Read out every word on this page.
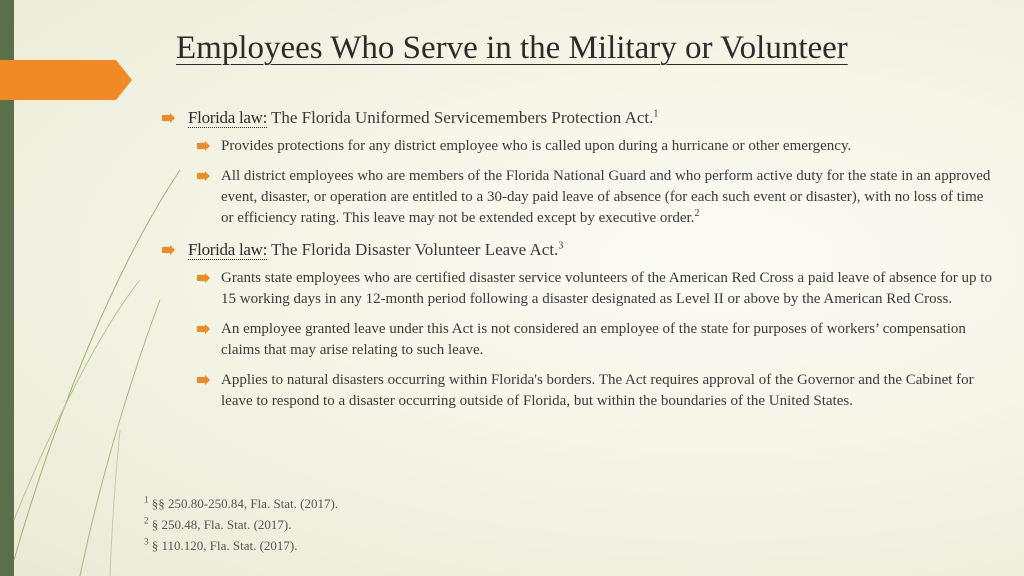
Employees Who Serve in the Military or Volunteer
Florida law: The Florida Uniformed Servicemembers Protection Act.$^1$
Provides protections for any district employee who is called upon during a hurricane or other emergency.
All district employees who are members of the Florida National Guard and who perform active duty for the state in an approved event, disaster, or operation are entitled to a 30-day paid leave of absence (for each such event or disaster), with no loss of time or efficiency rating. This leave may not be extended except by executive order.$^2$
Florida law: The Florida Disaster Volunteer Leave Act.$^3$
Grants state employees who are certified disaster service volunteers of the American Red Cross a paid leave of absence for up to 15 working days in any 12-month period following a disaster designated as Level II or above by the American Red Cross.
An employee granted leave under this Act is not considered an employee of the state for purposes of workers’ compensation claims that may arise relating to such leave.
Applies to natural disasters occurring within Florida's borders. The Act requires approval of the Governor and the Cabinet for leave to respond to a disaster occurring outside of Florida, but within the boundaries of the United States.
$^1$ §§ 250.80-250.84, Fla. Stat. (2017).
$^2$ § 250.48, Fla. Stat. (2017).
$^3$ § 110.120, Fla. Stat. (2017).
